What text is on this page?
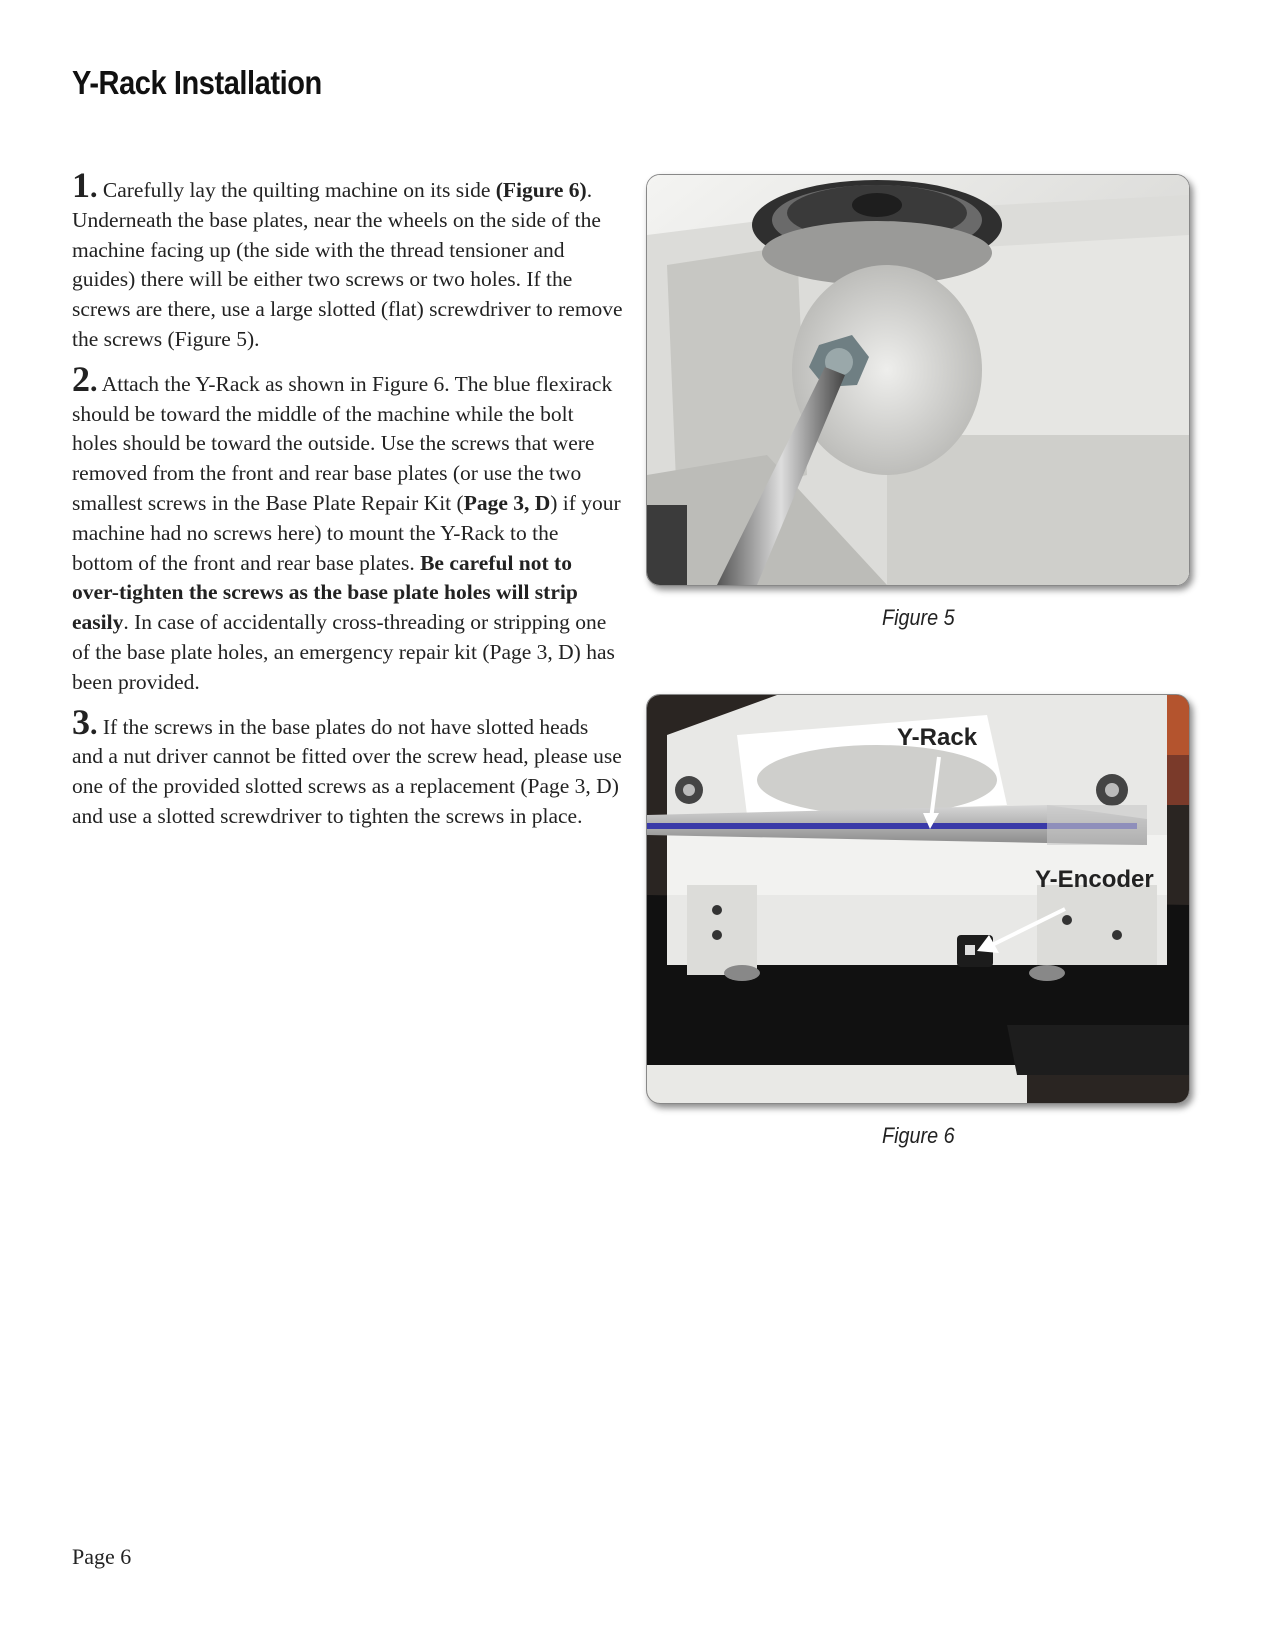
Y-Rack Installation

1. Carefully lay the quilting machine on its side (Figure 6). Underneath the base plates, near the wheels on the side of the machine facing up (the side with the thread tensioner and guides) there will be either two screws or two holes. If the screws are there, use a large slotted (flat) screwdriver to remove the screws (Figure 5).

2. Attach the Y-Rack as shown in Figure 6. The blue flexirack should be toward the middle of the machine while the bolt holes should be toward the outside. Use the screws that were removed from the front and rear base plates (or use the two smallest screws in the Base Plate Repair Kit (Page 3, D) if your machine had no screws here) to mount the Y-Rack to the bottom of the front and rear base plates. Be careful not to over-tighten the screws as the base plate holes will strip easily. In case of accidentally cross-threading or stripping one of the base plate holes, an emergency repair kit (Page 3, D) has been provided.

3. If the screws in the base plates do not have slotted heads and a nut driver cannot be fitted over the screw head, please use one of the provided slotted screws as a replacement (Page 3, D) and use a slotted screwdriver to tighten the screws in place.

Figure 5
Y-Rack
Y-Encoder
Figure 6
Page 6
